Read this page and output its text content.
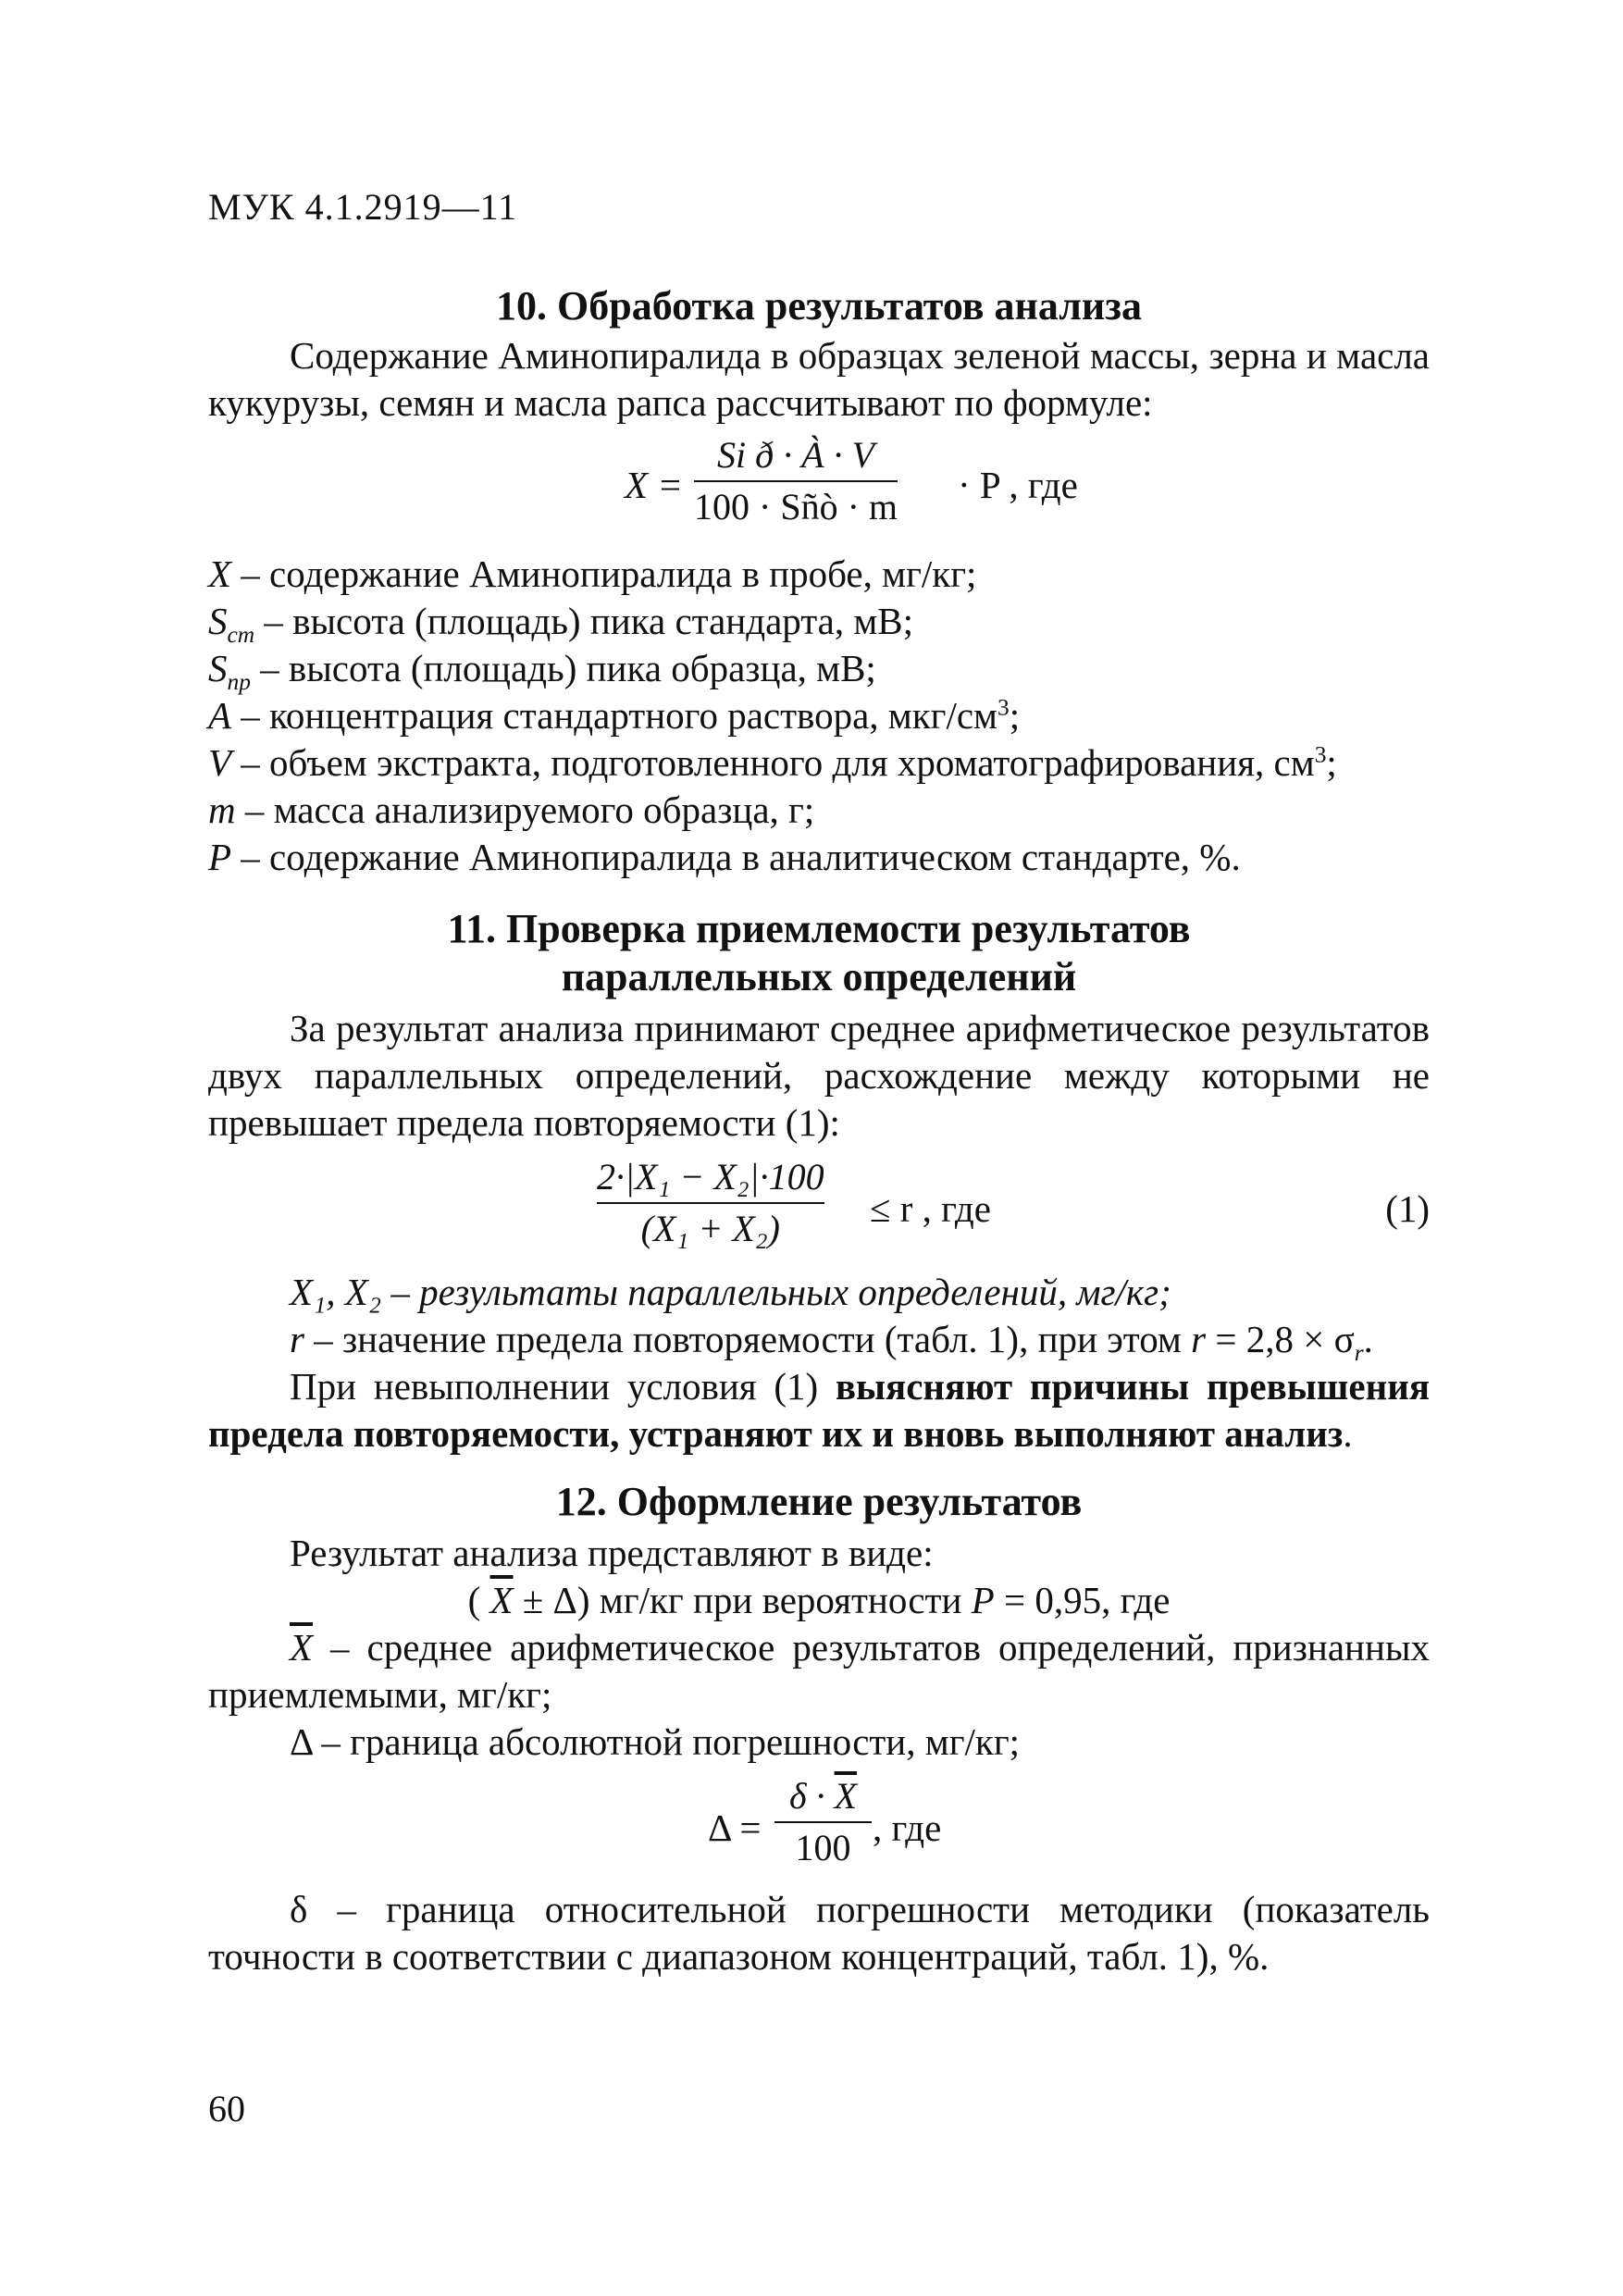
МУК 4.1.2919—11
10. Обработка результатов анализа

Содержание Аминопиралида в образцах зеленой массы, зерна и масла кукурузы, семян и масла рапса рассчитывают по формуле:

X =
Sі ð · À · V
100 · Sñò · m
· P , где

X – содержание Аминопиралида в пробе, мг/кг;

$S_{ст}$ – высота (площадь) пика стандарта, мВ;

$S_{пр}$ – высота (площадь) пика образца, мВ;

A – концентрация стандартного раствора, мкг/$см^3$;

V – объем экстракта, подготовленного для хроматографирования, $см^3$;

m – масса анализируемого образца, г;

P – содержание Аминопиралида в аналитическом стандарте, %.

11. Проверка приемлемости результатов
параллельных определений

За результат анализа принимают среднее арифметическое результатов двух параллельных определений, расхождение между которыми не превышает предела повторяемости (1):

2·|X₁ − X₂|·100
(X₁ + X₂) ≤ r , где	(1)

X₁, X₂ – результаты параллельных определений, мг/кг;

r – значение предела повторяемости (табл. 1), при этом $r = 2,8 \times \sigma_r$.

При невыполнении условия (1) выясняют причины превышения предела повторяемости, устраняют их и вновь выполняют анализ.

12. Оформление результатов

Результат анализа представляют в виде:

( $\overline{X} \pm \Delta$) мг/кг при вероятности P = 0,95, где

$\overline{X}$ – среднее арифметическое результатов определений, признанных приемлемыми, мг/кг;

Δ – граница абсолютной погрешности, мг/кг;

Δ =
$\delta \cdot \overline{X}$
100 , где

δ – граница относительной погрешности методики (показатель точности в соответствии с диапазоном концентраций, табл. 1), %.

60
